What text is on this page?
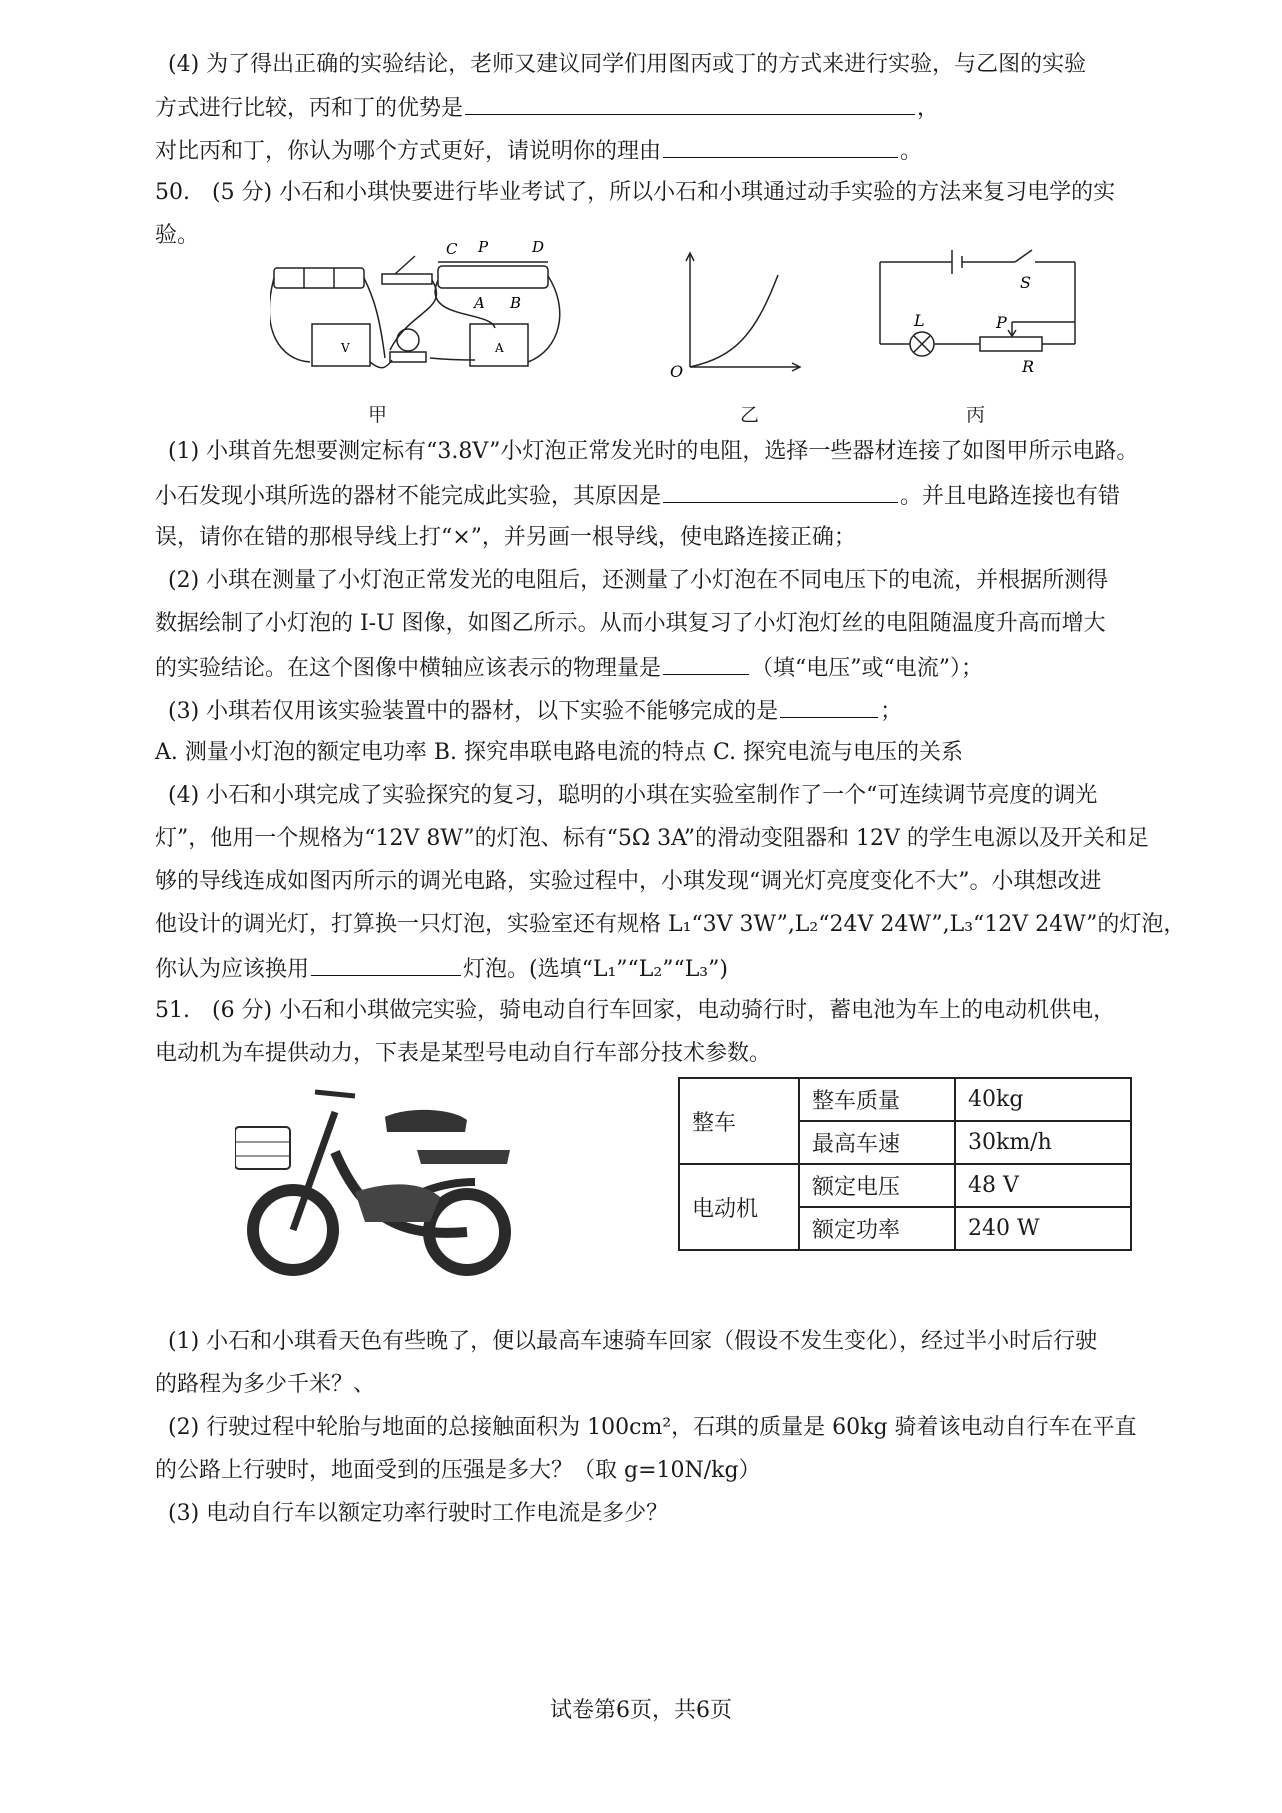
(4) 为了得出正确的实验结论，老师又建议同学们用图丙或丁的方式来进行实验，与乙图的实验
方式进行比较，丙和丁的优势是	，
对比丙和丁，你认为哪个方式更好，请说明你的理由	。
50.　(5 分) 小石和小琪快要进行毕业考试了，所以小石和小琪通过动手实验的方法来复习电学的实
验。
V	A
C P	D
A B
甲
O
乙
S
L	P
R
丙
(1) 小琪首先想要测定标有“3.8V”小灯泡正常发光时的电阻，选择一些器材连接了如图甲所示电路。
小石发现小琪所选的器材不能完成此实验，其原因是	。并且电路连接也有错
误，请你在错的那根导线上打“×”，并另画一根导线，使电路连接正确；
(2) 小琪在测量了小灯泡正常发光的电阻后，还测量了小灯泡在不同电压下的电流，并根据所测得
数据绘制了小灯泡的 I-U 图像，如图乙所示。从而小琪复习了小灯泡灯丝的电阻随温度升高而增大
的实验结论。在这个图像中横轴应该表示的物理量是	（填“电压”或“电流”）；
(3) 小琪若仅用该实验装置中的器材，以下实验不能够完成的是	；
A. 测量小灯泡的额定电功率 B. 探究串联电路电流的特点 C. 探究电流与电压的关系
(4) 小石和小琪完成了实验探究的复习，聪明的小琪在实验室制作了一个“可连续调节亮度的调光
灯”，他用一个规格为“12V 8W”的灯泡、标有“5Ω 3A”的滑动变阻器和 12V 的学生电源以及开关和足
够的导线连成如图丙所示的调光电路，实验过程中，小琪发现“调光灯亮度变化不大”。小琪想改进
他设计的调光灯，打算换一只灯泡，实验室还有规格 L₁“3V 3W”,L₂“24V 24W”,L₃“12V 24W”的灯泡，
你认为应该换用	灯泡。(选填“L₁”“L₂”“L₃”)
51.　(6 分) 小石和小琪做完实验，骑电动自行车回家，电动骑行时，蓄电池为车上的电动机供电，
电动机为车提供动力，下表是某型号电动自行车部分技术参数。
整车	整车质量	40kg
	最高车速	30km/h
电动机	额定电压	48 V
	额定功率	240 W
(1) 小石和小琪看天色有些晚了，便以最高车速骑车回家（假设不发生变化），经过半小时后行驶
的路程为多少千米？、
(2) 行驶过程中轮胎与地面的总接触面积为 100cm²，石琪的质量是 60kg 骑着该电动自行车在平直
的公路上行驶时，地面受到的压强是多大？（取 g=10N/kg）
(3) 电动自行车以额定功率行驶时工作电流是多少？
试卷第6页，共6页
